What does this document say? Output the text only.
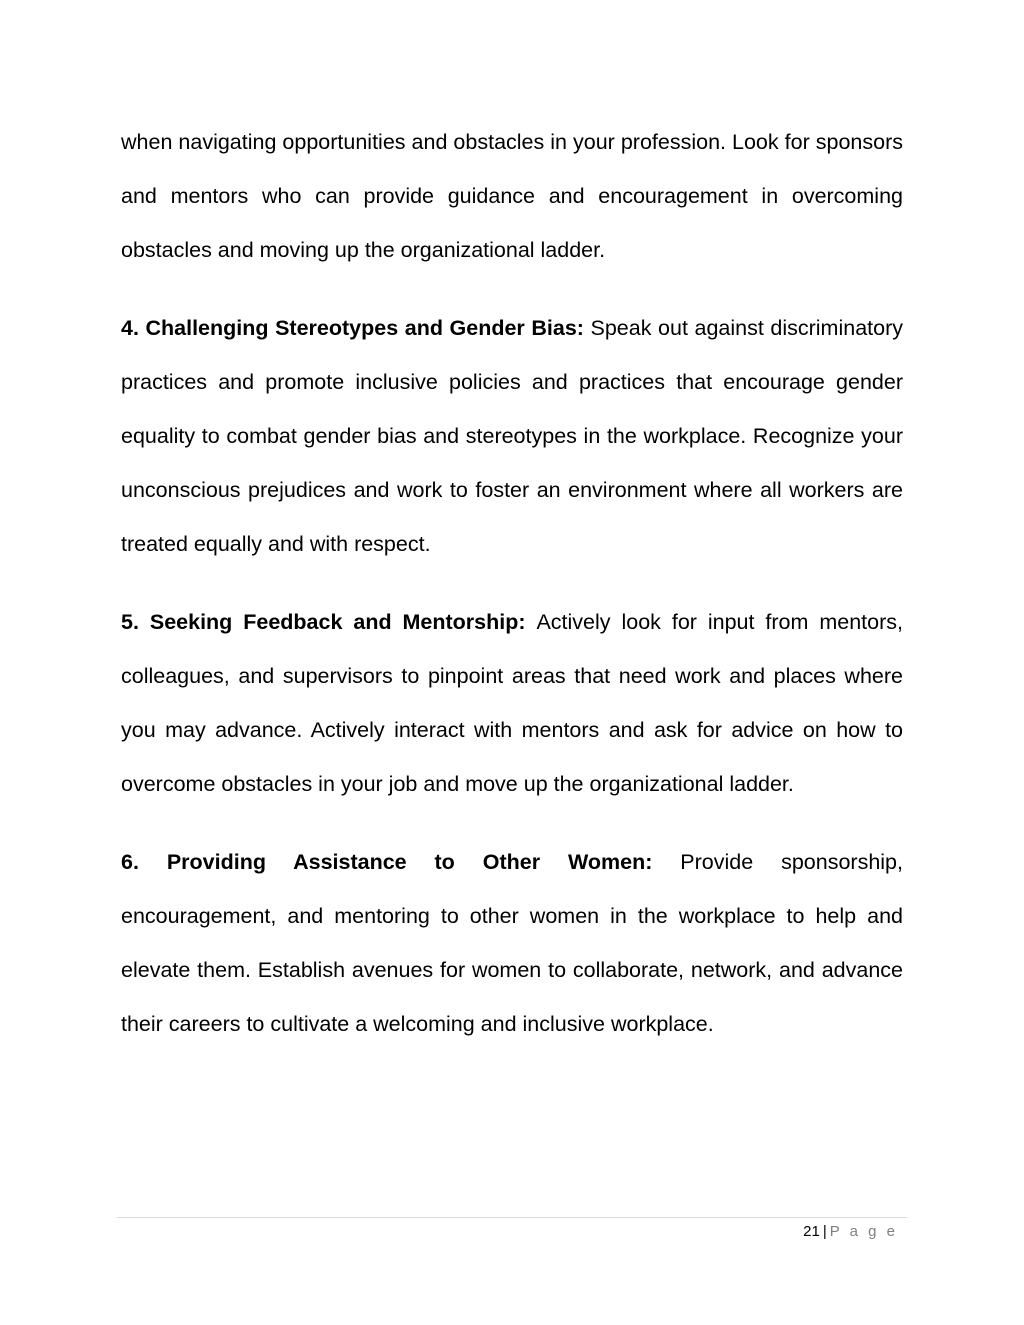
when navigating opportunities and obstacles in your profession. Look for sponsors and mentors who can provide guidance and encouragement in overcoming obstacles and moving up the organizational ladder.

4. Challenging Stereotypes and Gender Bias: Speak out against discriminatory practices and promote inclusive policies and practices that encourage gender equality to combat gender bias and stereotypes in the workplace. Recognize your unconscious prejudices and work to foster an environment where all workers are treated equally and with respect.

5. Seeking Feedback and Mentorship: Actively look for input from mentors, colleagues, and supervisors to pinpoint areas that need work and places where you may advance. Actively interact with mentors and ask for advice on how to overcome obstacles in your job and move up the organizational ladder.

6. Providing Assistance to Other Women: Provide sponsorship, encouragement, and mentoring to other women in the workplace to help and elevate them. Establish avenues for women to collaborate, network, and advance their careers to cultivate a welcoming and inclusive workplace.

21 | P a g e
